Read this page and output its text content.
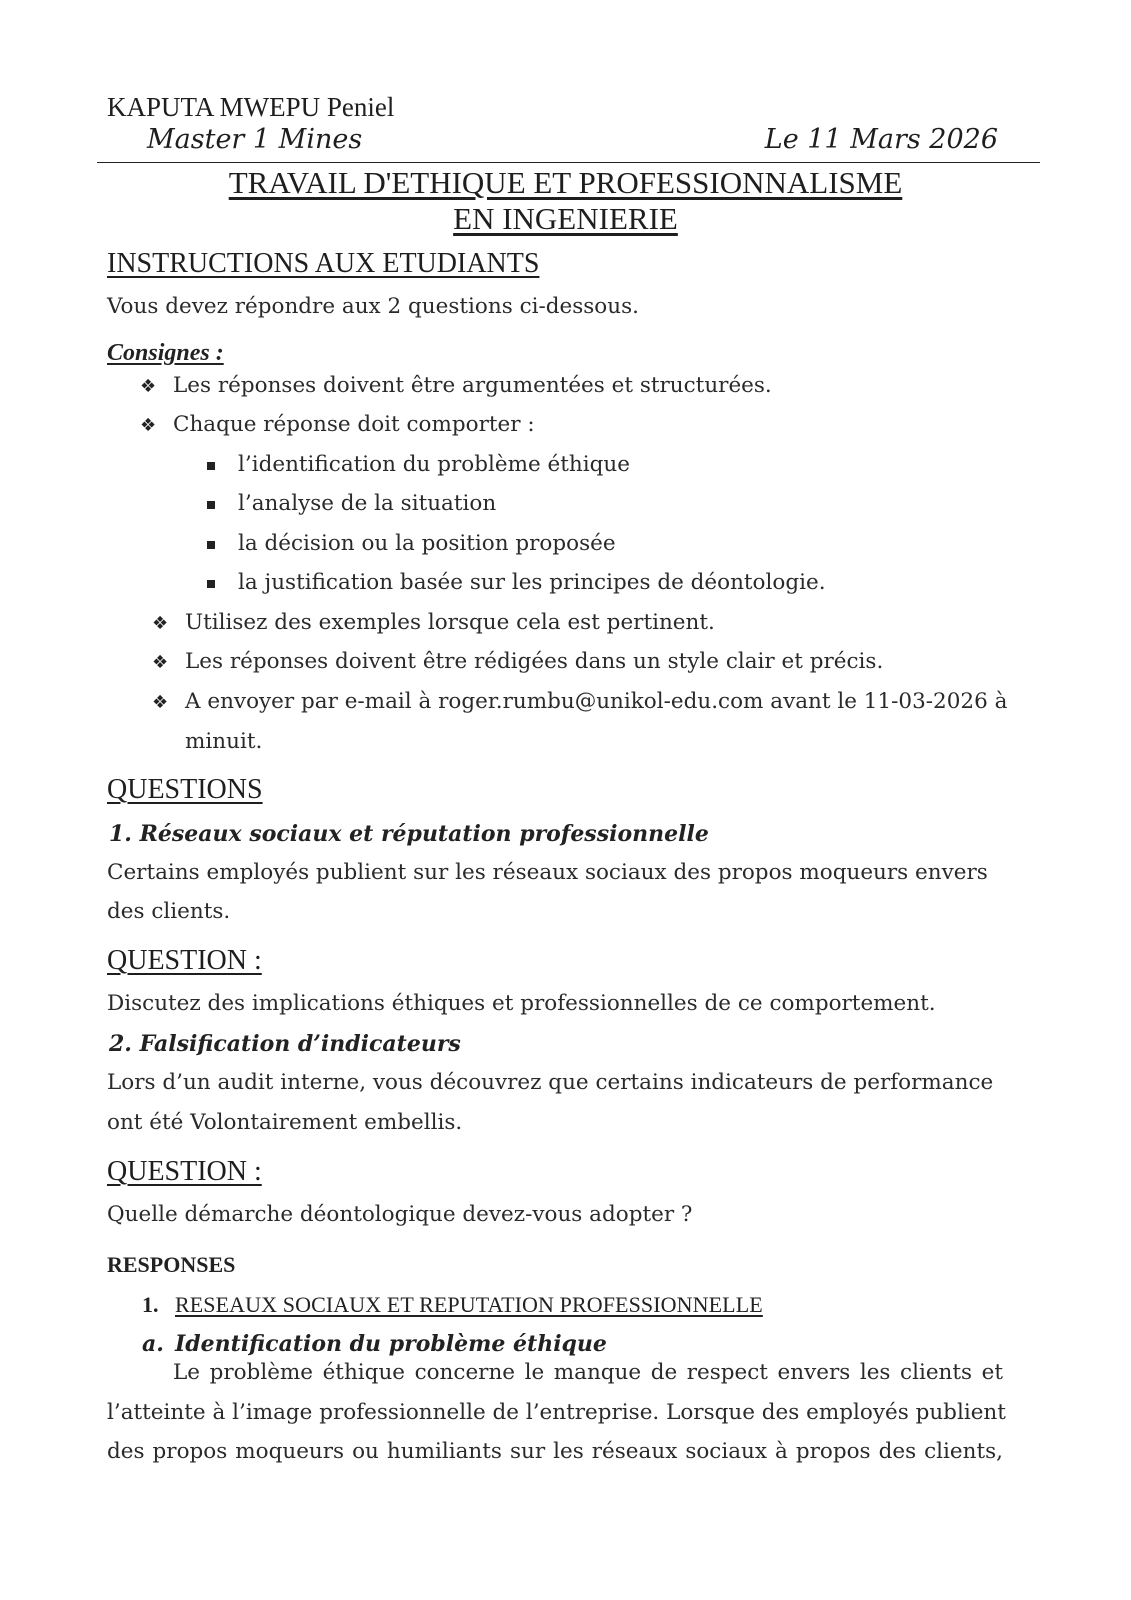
KAPUTA MWEPU Peniel
Master 1 Mines	Le 11 Mars 2026
TRAVAIL D'ETHIQUE ET PROFESSIONNALISME
EN INGENIERIE
INSTRUCTIONS AUX ETUDIANTS
Vous devez répondre aux 2 questions ci-dessous.
Consignes :
❖ Les réponses doivent être argumentées et structurées.
❖ Chaque réponse doit comporter :
l’identification du problème éthique
l’analyse de la situation
la décision ou la position proposée
la justification basée sur les principes de déontologie.
❖ Utilisez des exemples lorsque cela est pertinent.
❖ Les réponses doivent être rédigées dans un style clair et précis.
❖ A envoyer par e-mail à roger.rumbu@unikol-edu.com avant le 11-03-2026 à
minuit.
QUESTIONS
1. Réseaux sociaux et réputation professionnelle
Certains employés publient sur les réseaux sociaux des propos moqueurs envers
des clients.
QUESTION :
Discutez des implications éthiques et professionnelles de ce comportement.
2. Falsification d’indicateurs
Lors d’un audit interne, vous découvrez que certains indicateurs de performance
ont été Volontairement embellis.
QUESTION :
Quelle démarche déontologique devez-vous adopter ?
RESPONSES
1. RESEAUX SOCIAUX ET REPUTATION PROFESSIONNELLE
a. Identification du problème éthique
Le problème éthique concerne le manque de respect envers les clients et
l’atteinte à l’image professionnelle de l’entreprise. Lorsque des employés publient
des propos moqueurs ou humiliants sur les réseaux sociaux à propos des clients,
